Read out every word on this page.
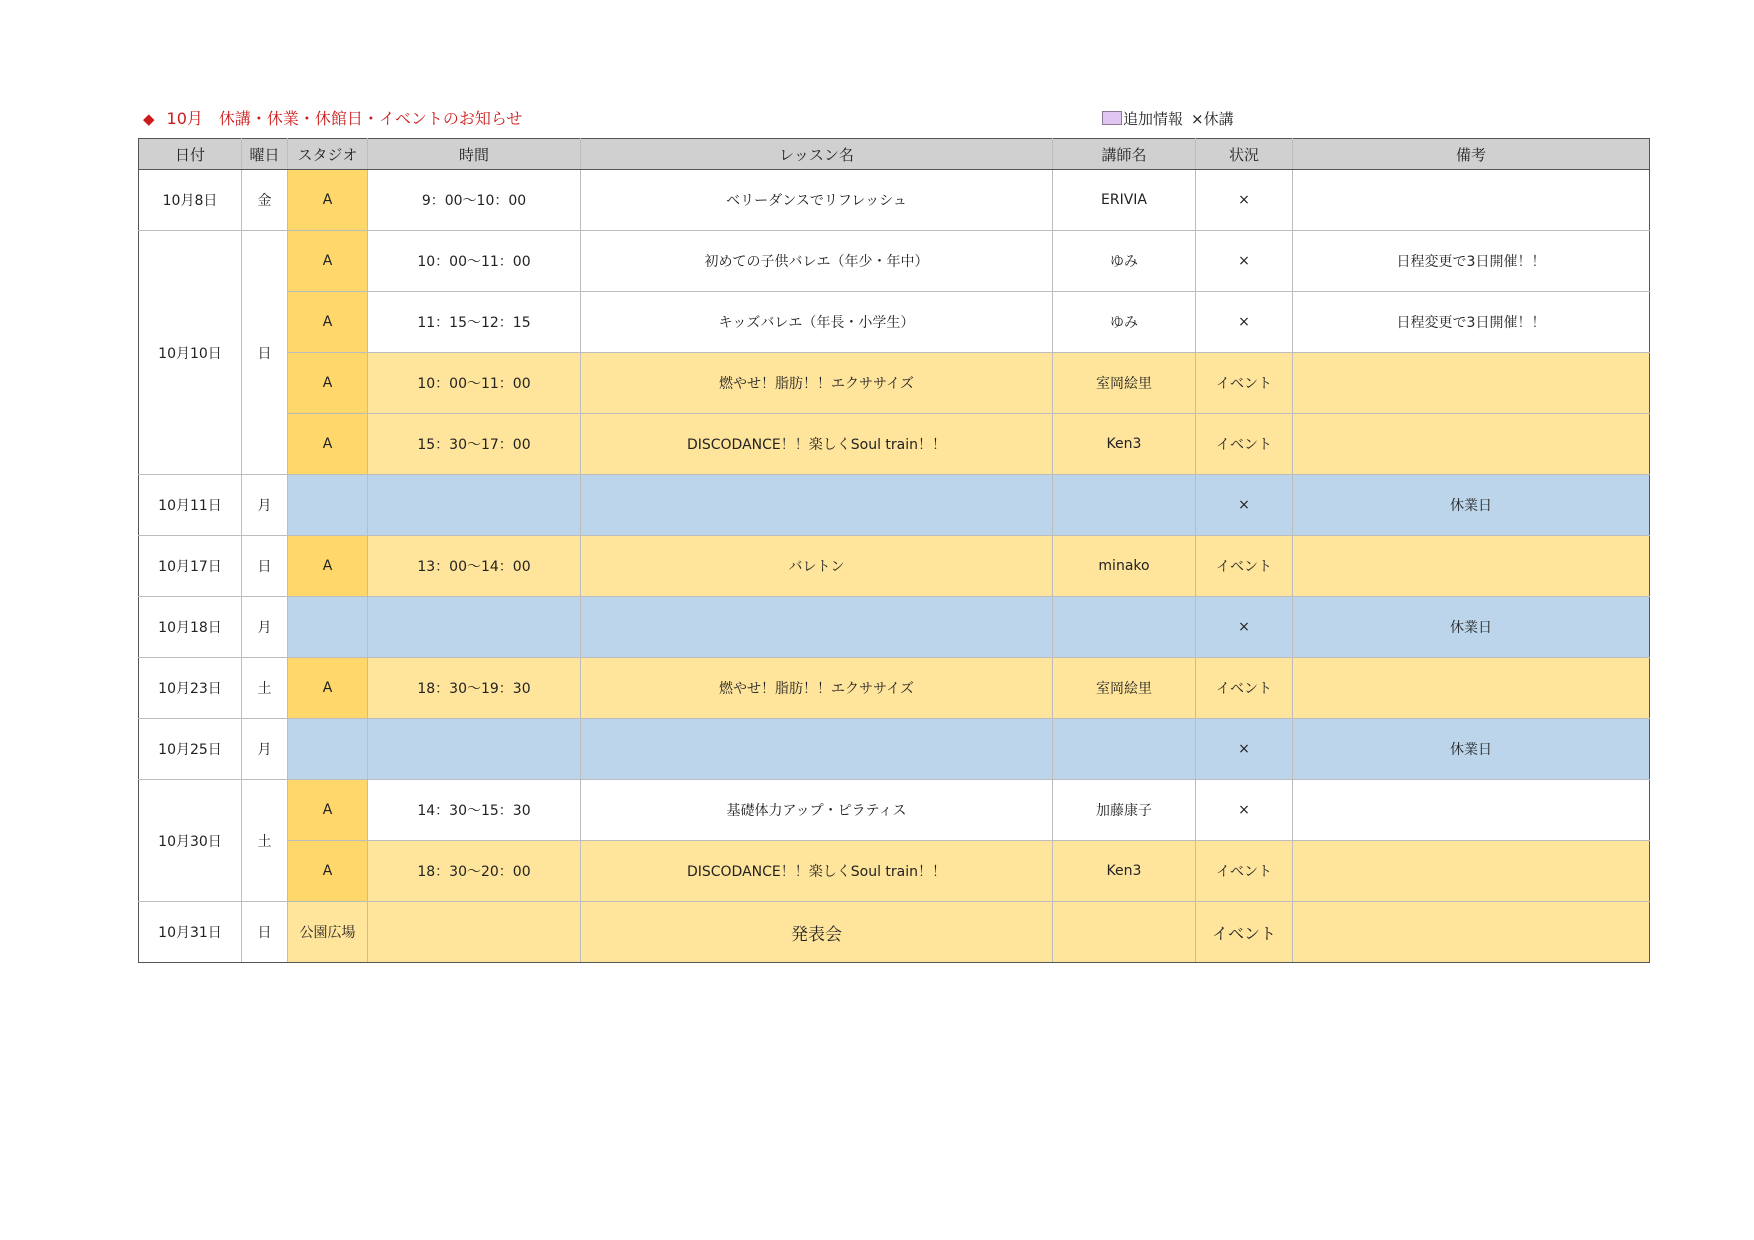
◆ 10月　休講・休業・休館日・イベントのお知らせ	追加情報 ×休講
日付	曜日	スタジオ	時間	レッスン名	講師名	状況	備考
10月8日	金	A	9：00～10：00	ベリーダンスでリフレッシュ	ERIVIA	×	
10月10日	日	A	10：00～11：00	初めての子供バレエ（年少・年中）	ゆみ	×	日程変更で3日開催！！
		A	11：15～12：15	キッズバレエ（年長・小学生）	ゆみ	×	日程変更で3日開催！！
		A	10：00～11：00	燃やせ！脂肪！！エクササイズ	室岡絵里	イベント	
		A	15：30～17：00	DISCODANCE！！楽しくSoul train！！	Ken3	イベント	
10月11日	月					×	休業日
10月17日	日	A	13：00～14：00	バレトン	minako	イベント	
10月18日	月					×	休業日
10月23日	土	A	18：30～19：30	燃やせ！脂肪！！エクササイズ	室岡絵里	イベント	
10月25日	月					×	休業日
10月30日	土	A	14：30～15：30	基礎体力アップ・ピラティス	加藤康子	×	
		A	18：30～20：00	DISCODANCE！！楽しくSoul train！！	Ken3	イベント	
10月31日	日	公園広場		発表会		イベント	
